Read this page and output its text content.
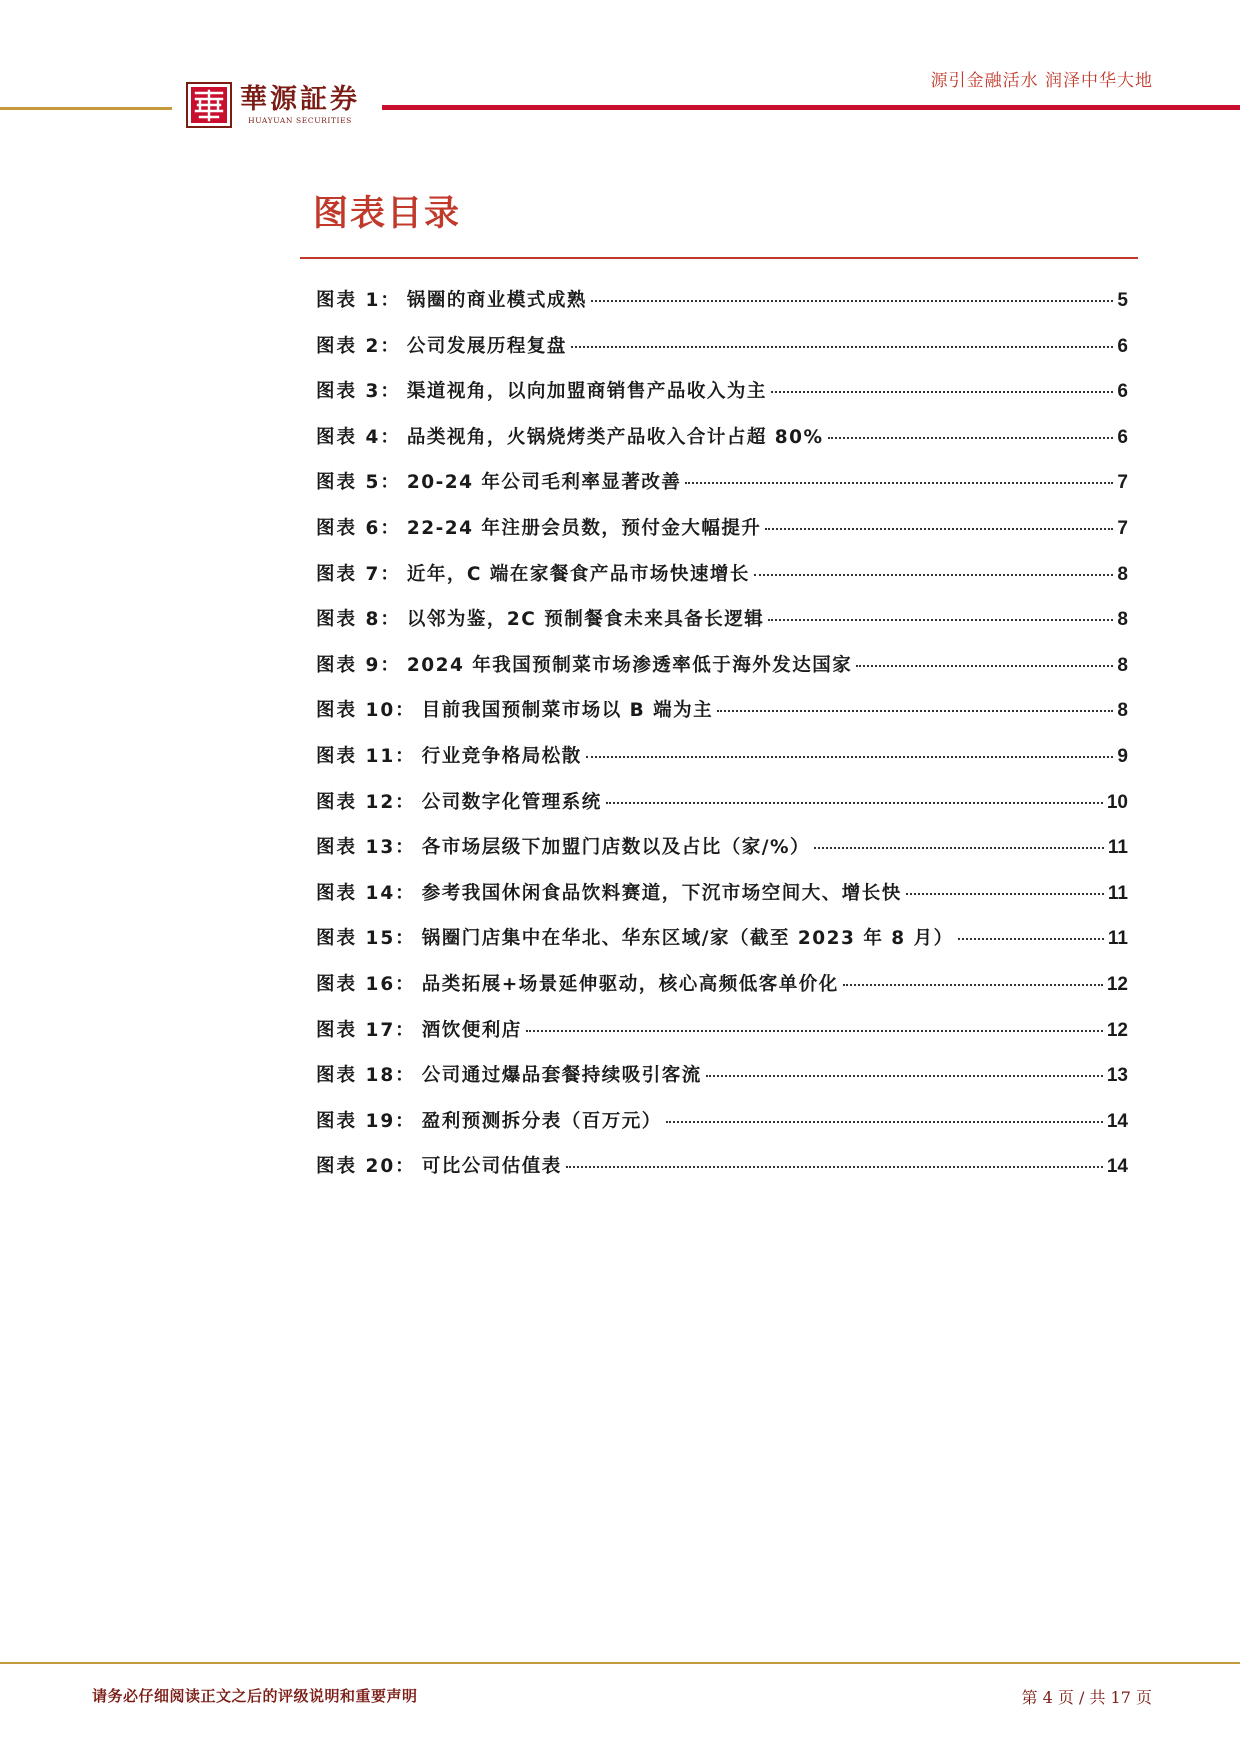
源引金融活水 润泽中华大地
華源証券
HUAYUAN SECURITIES
图表目录
图表 1： 锅圈的商业模式成熟	5
图表 2： 公司发展历程复盘	6
图表 3： 渠道视角，以向加盟商销售产品收入为主	6
图表 4： 品类视角，火锅烧烤类产品收入合计占超 80%	6
图表 5： 20-24 年公司毛利率显著改善	7
图表 6： 22-24 年注册会员数，预付金大幅提升	7
图表 7： 近年，C 端在家餐食产品市场快速增长	8
图表 8： 以邻为鉴，2C 预制餐食未来具备长逻辑	8
图表 9： 2024 年我国预制菜市场渗透率低于海外发达国家	8
图表 10： 目前我国预制菜市场以 B 端为主	8
图表 11： 行业竞争格局松散	9
图表 12： 公司数字化管理系统	10
图表 13： 各市场层级下加盟门店数以及占比（家/%）	11
图表 14： 参考我国休闲食品饮料赛道，下沉市场空间大、增长快	11
图表 15： 锅圈门店集中在华北、华东区域/家（截至 2023 年 8 月）	11
图表 16： 品类拓展+场景延伸驱动，核心高频低客单价化	12
图表 17： 酒饮便利店	12
图表 18： 公司通过爆品套餐持续吸引客流	13
图表 19： 盈利预测拆分表（百万元）	14
图表 20： 可比公司估值表	14
请务必仔细阅读正文之后的评级说明和重要声明	第 4 页 / 共 17 页
